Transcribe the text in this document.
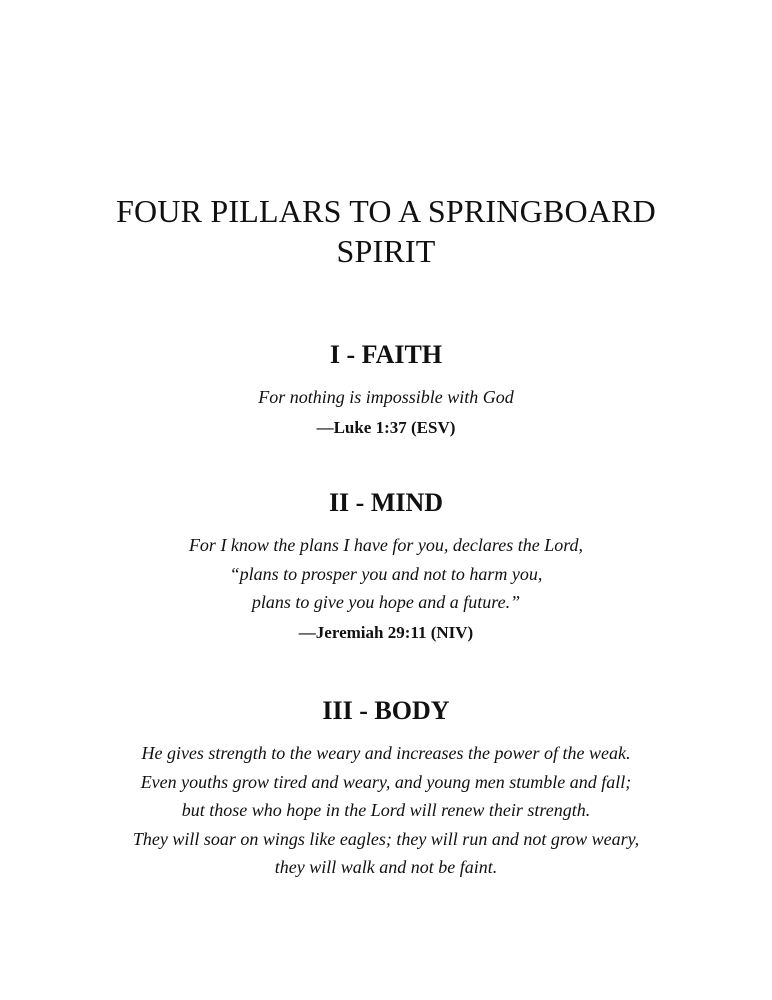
FOUR PILLARS TO A SPRINGBOARD
SPIRIT
I - FAITH
For nothing is impossible with God
—Luke 1:37 (ESV)
II - MIND
For I know the plans I have for you, declares the Lord,
“plans to prosper you and not to harm you,
plans to give you hope and a future.”
—Jeremiah 29:11 (NIV)
III - BODY
He gives strength to the weary and increases the power of the weak.
Even youths grow tired and weary, and young men stumble and fall;
but those who hope in the Lord will renew their strength.
They will soar on wings like eagles; they will run and not grow weary,
they will walk and not be faint.
